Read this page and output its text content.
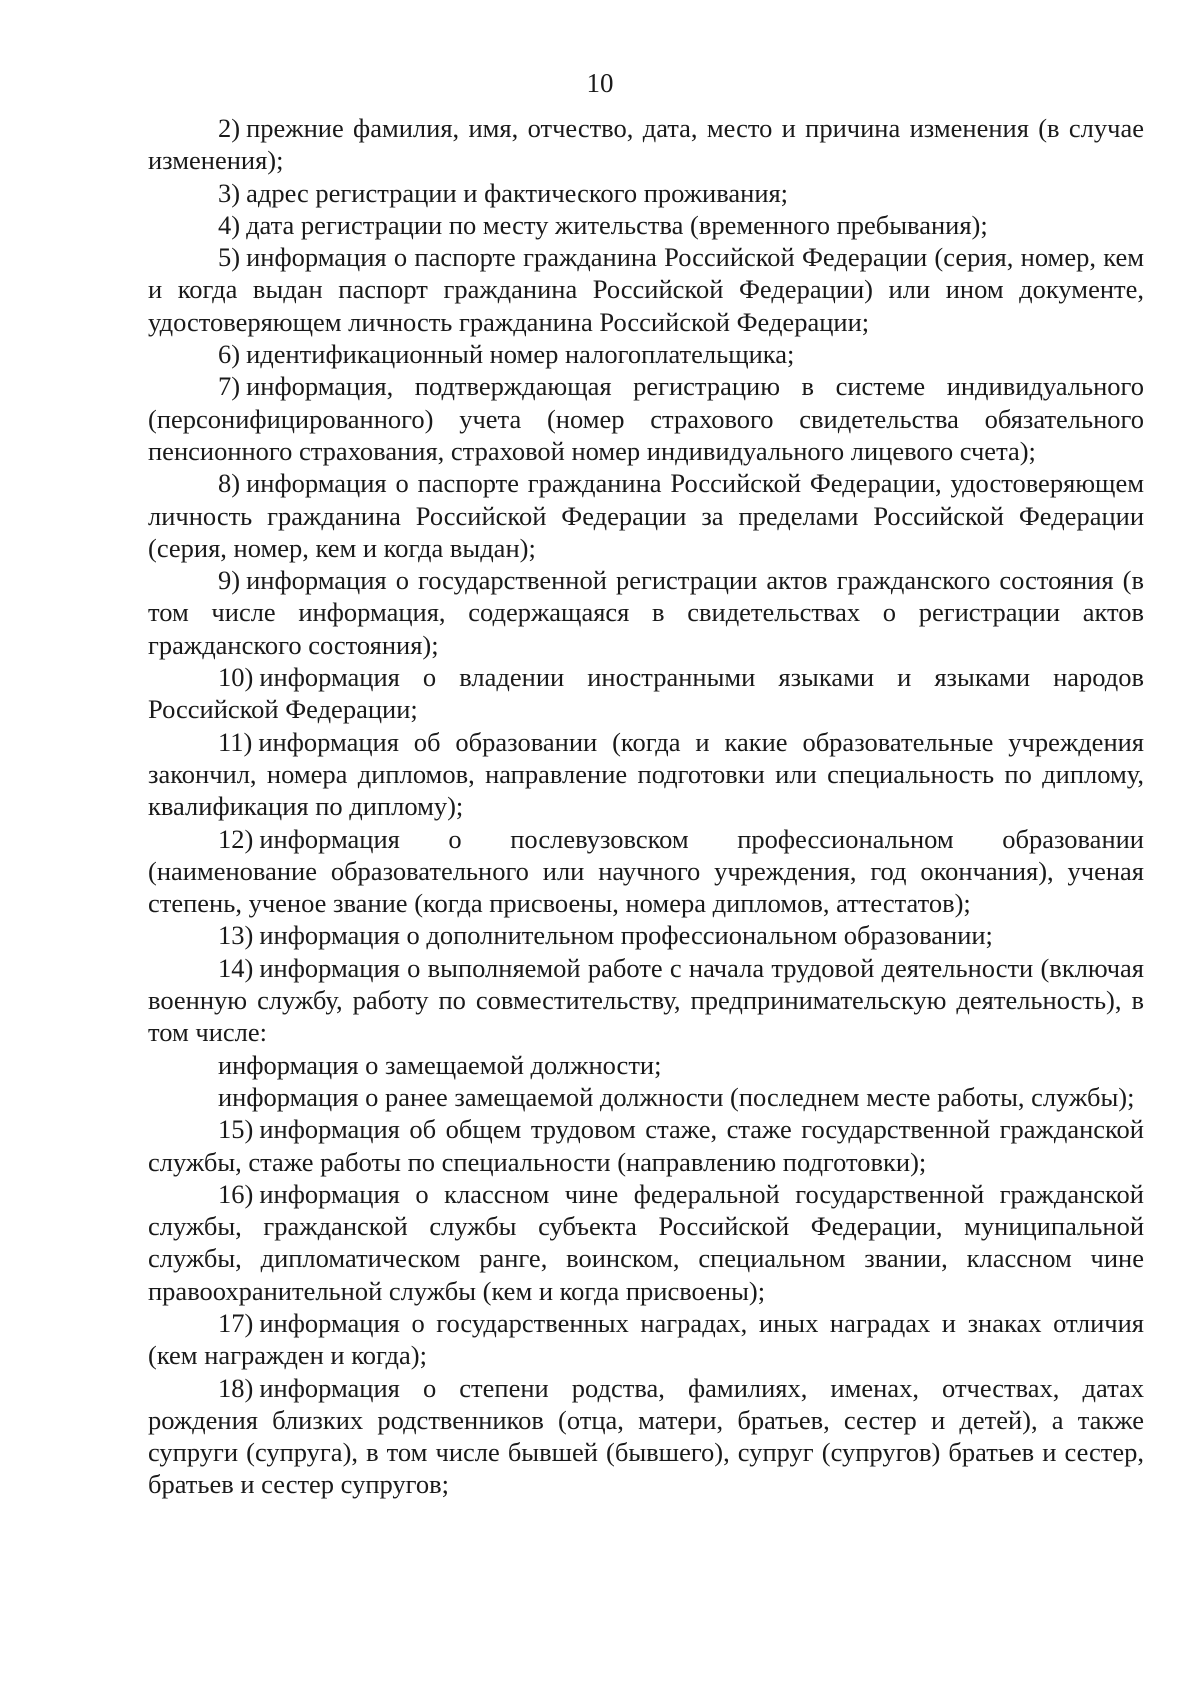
10

2) прежние фамилия, имя, отчество, дата, место и причина изменения (в случае изменения);

3) адрес регистрации и фактического проживания;

4) дата регистрации по месту жительства (временного пребывания);

5) информация о паспорте гражданина Российской Федерации (серия, номер, кем и когда выдан паспорт гражданина Российской Федерации) или ином документе, удостоверяющем личность гражданина Российской Федерации;

6) идентификационный номер налогоплательщика;

7) информация, подтверждающая регистрацию в системе индивидуального (персонифицированного) учета (номер страхового свидетельства обязательного пенсионного страхования, страховой номер индивидуального лицевого счета);

8) информация о паспорте гражданина Российской Федерации, удостоверяющем личность гражданина Российской Федерации за пределами Российской Федерации (серия, номер, кем и когда выдан);

9) информация о государственной регистрации актов гражданского состояния (в том числе информация, содержащаяся в свидетельствах о регистрации актов гражданского состояния);

10) информация о владении иностранными языками и языками народов Российской Федерации;

11) информация об образовании (когда и какие образовательные учреждения закончил, номера дипломов, направление подготовки или специальность по диплому, квалификация по диплому);

12) информация о послевузовском профессиональном образовании (наименование образовательного или научного учреждения, год окончания), ученая степень, ученое звание (когда присвоены, номера дипломов, аттестатов);

13) информация о дополнительном профессиональном образовании;

14) информация о выполняемой работе с начала трудовой деятельности (включая военную службу, работу по совместительству, предпринимательскую деятельность), в том числе:

информация о замещаемой должности;

информация о ранее замещаемой должности (последнем месте работы, службы);

15) информация об общем трудовом стаже, стаже государственной гражданской службы, стаже работы по специальности (направлению подготовки);

16) информация о классном чине федеральной государственной гражданской службы, гражданской службы субъекта Российской Федерации, муниципальной службы, дипломатическом ранге, воинском, специальном звании, классном чине правоохранительной службы (кем и когда присвоены);

17) информация о государственных наградах, иных наградах и знаках отличия (кем награжден и когда);

18) информация о степени родства, фамилиях, именах, отчествах, датах рождения близких родственников (отца, матери, братьев, сестер и детей), а также супруги (супруга), в том числе бывшей (бывшего), супруг (супругов) братьев и сестер, братьев и сестер супругов;
